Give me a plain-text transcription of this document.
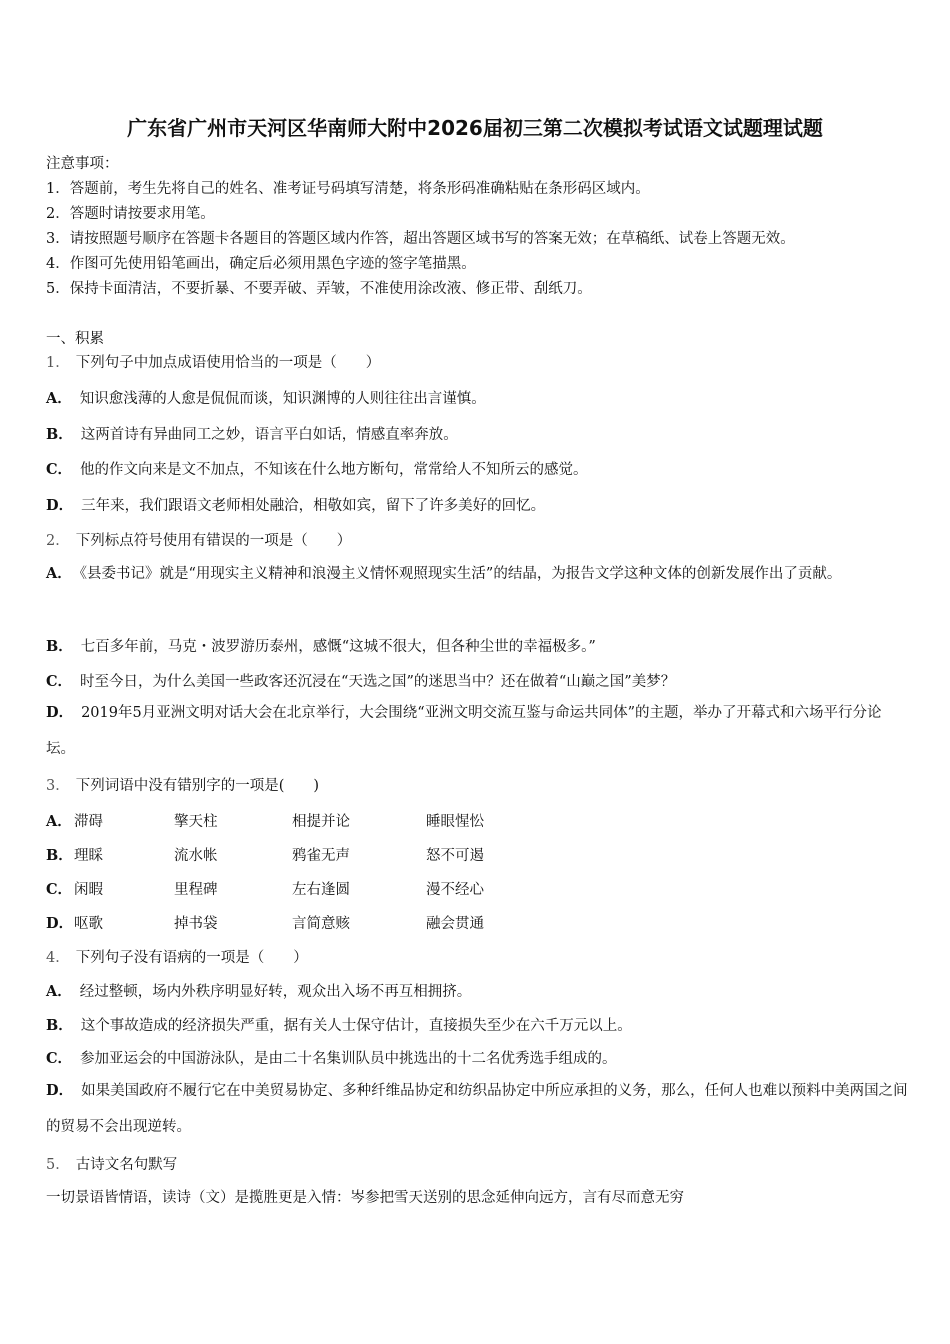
广东省广州市天河区华南师大附中2026届初三第二次模拟考试语文试题理试题
注意事项：
1．答题前，考生先将自己的姓名、准考证号码填写清楚，将条形码准确粘贴在条形码区域内。
2．答题时请按要求用笔。
3．请按照题号顺序在答题卡各题目的答题区域内作答，超出答题区域书写的答案无效；在草稿纸、试卷上答题无效。
4．作图可先使用铅笔画出，确定后必须用黑色字迹的签字笔描黑。
5．保持卡面清洁，不要折暴、不要弄破、弄皱，不准使用涂改液、修正带、刮纸刀。
一、积累
1． 下列句子中加点成语使用恰当的一项是（　　）
A． 知识愈浅薄的人愈是侃侃而谈，知识渊博的人则往往出言谨慎。
B． 这两首诗有异曲同工之妙，语言平白如话，情感直率奔放。
C． 他的作文向来是文不加点，不知该在什么地方断句，常常给人不知所云的感觉。
D． 三年来，我们跟语文老师相处融洽，相敬如宾，留下了许多美好的回忆。
2． 下列标点符号使用有错误的一项是（　　）
A． 《县委书记》就是“用现实主义精神和浪漫主义情怀观照现实生活”的结晶，为报告文学这种文体的创新发展作出了贡献。
B． 七百多年前，马克・波罗游历泰州，感慨“这城不很大，但各种尘世的幸福极多。”
C． 时至今日，为什么美国一些政客还沉浸在“天选之国”的迷思当中？还在做着“山巅之国”美梦？
D． 2019年5月亚洲文明对话大会在北京举行，大会围绕“亚洲文明交流互鉴与命运共同体”的主题，举办了开幕式和六场平行分论坛。
3． 下列词语中没有错别字的一项是(　　)
A． 滞碍	擎天柱	相提并论	睡眼惺忪
B． 理睬	流水帐	鸦雀无声	怒不可遏
C． 闲暇	里程碑	左右逢圆	漫不经心
D． 呕歌	掉书袋	言简意赅	融会贯通
4． 下列句子没有语病的一项是（　　）
A． 经过整顿，场内外秩序明显好转，观众出入场不再互相拥挤。
B． 这个事故造成的经济损失严重，据有关人士保守估计，直接损失至少在六千万元以上。
C． 参加亚运会的中国游泳队，是由二十名集训队员中挑选出的十二名优秀选手组成的。
D． 如果美国政府不履行它在中美贸易协定、多种纤维品协定和纺织品协定中所应承担的义务，那么，任何人也难以预料中美两国之间的贸易不会出现逆转。
5． 古诗文名句默写
一切景语皆情语，读诗（文）是揽胜更是入情：岑参把雪天送别的思念延伸向远方，言有尽而意无穷
